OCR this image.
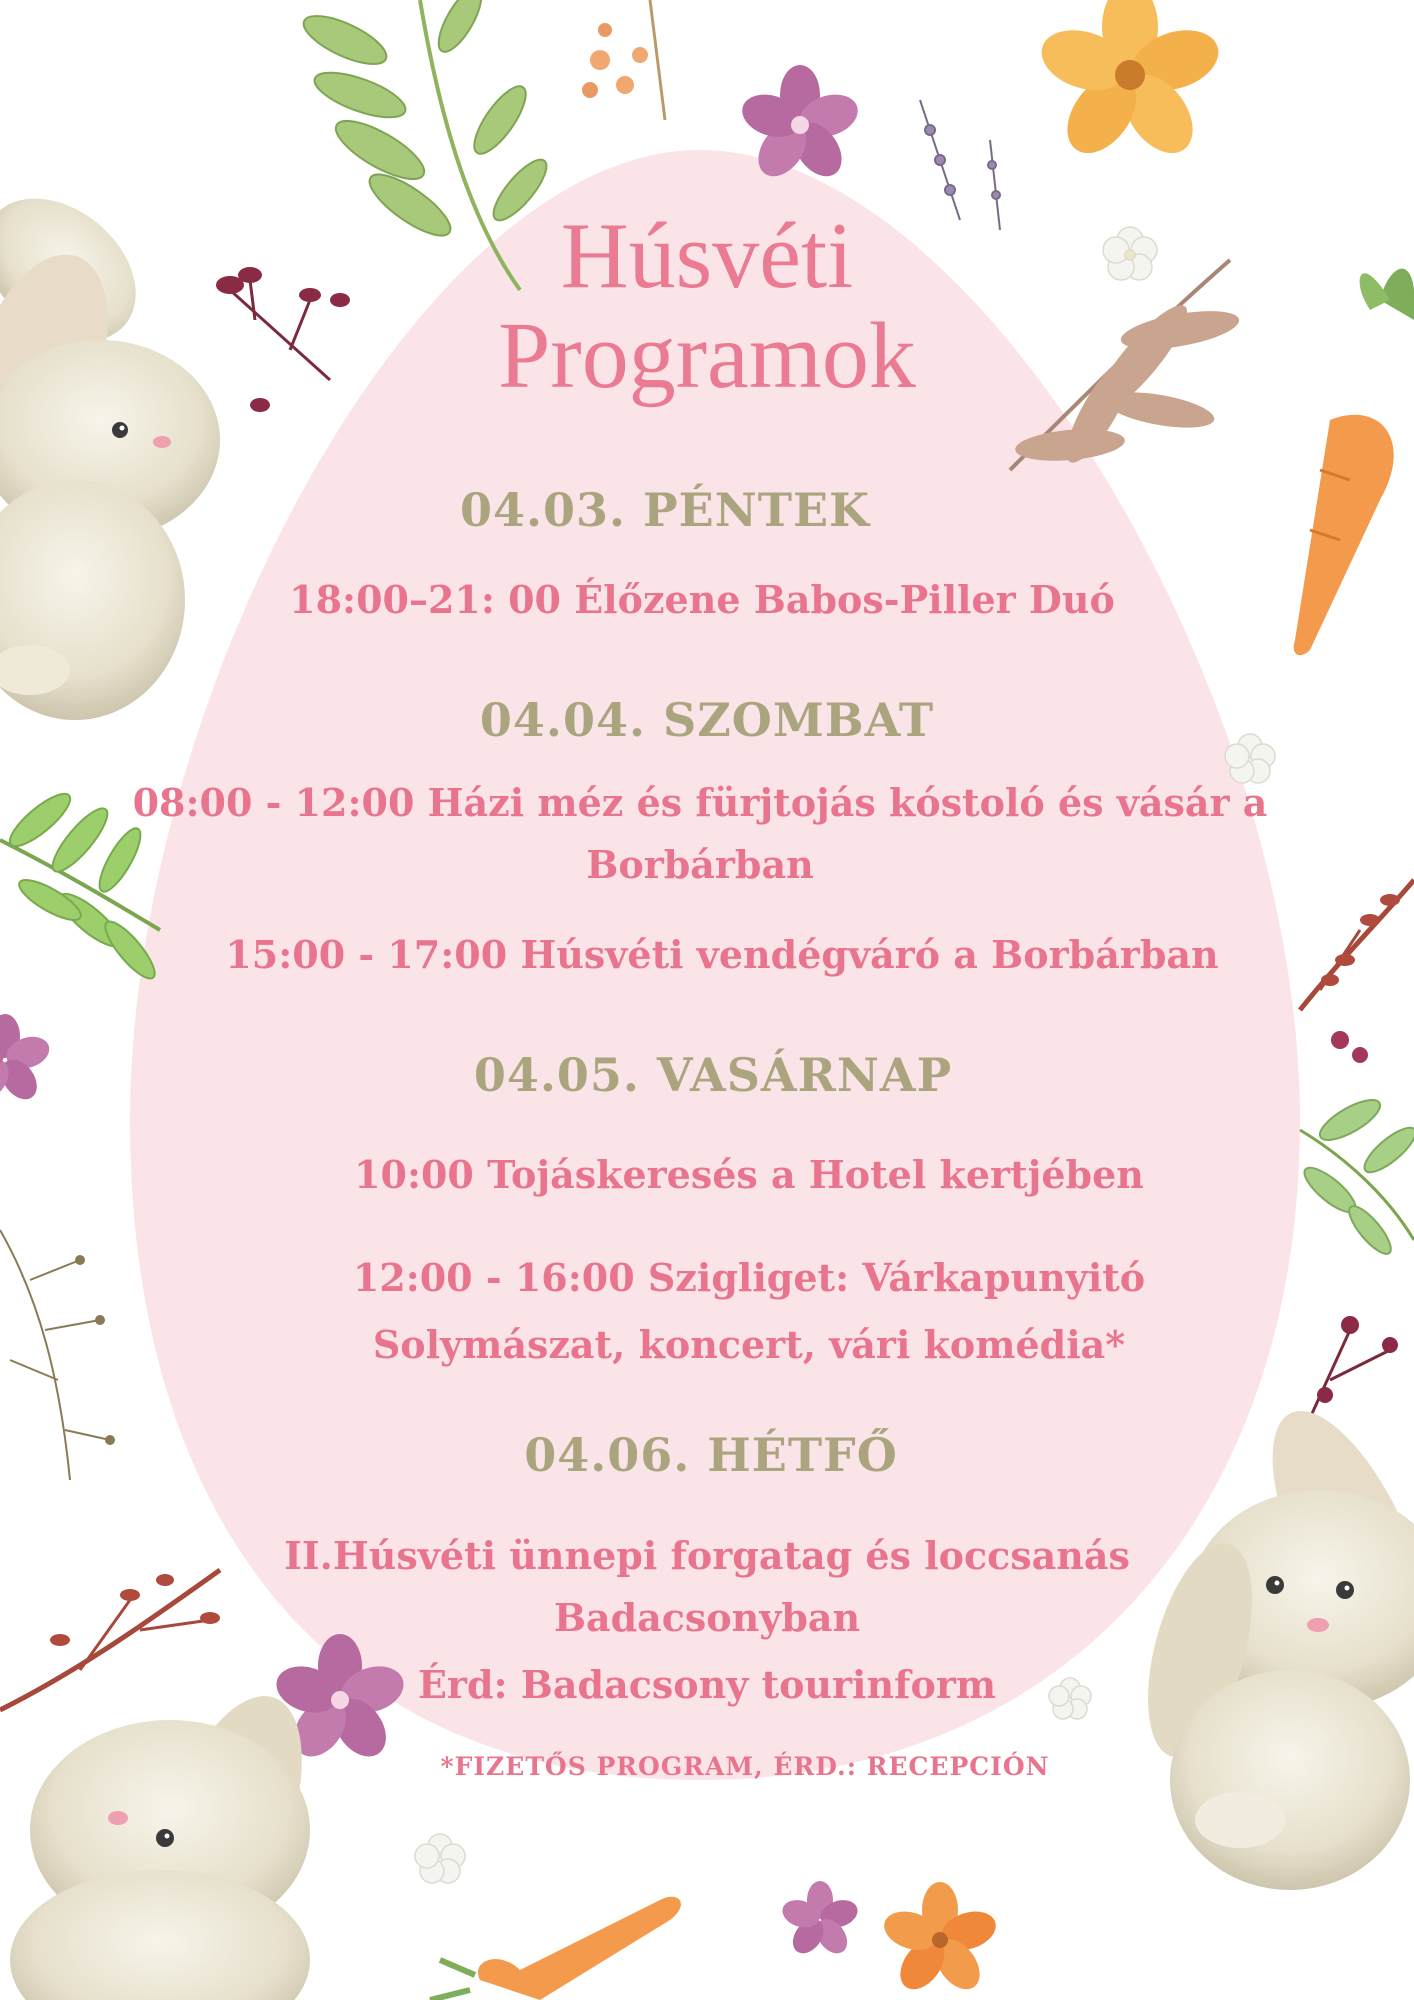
Húsvéti
Programok
04.03. PÉNTEK
18:00–21: 00 Élőzene Babos-Piller Duó
04.04. SZOMBAT
08:00 - 12:00 Házi méz és fürjtojás kóstoló és vásár a
Borbárban
15:00 - 17:00 Húsvéti vendégváró a Borbárban
04.05. VASÁRNAP
10:00 Tojáskeresés a Hotel kertjében
12:00 - 16:00 Szigliget: Várkapunyitó
Solymászat, koncert, vári komédia*
04.06. HÉTFŐ
II.Húsvéti ünnepi forgatag és loccsanás
Badacsonyban
Érd: Badacsony tourinform
*FIZETŐS PROGRAM, ÉRD.: RECEPCIÓN
